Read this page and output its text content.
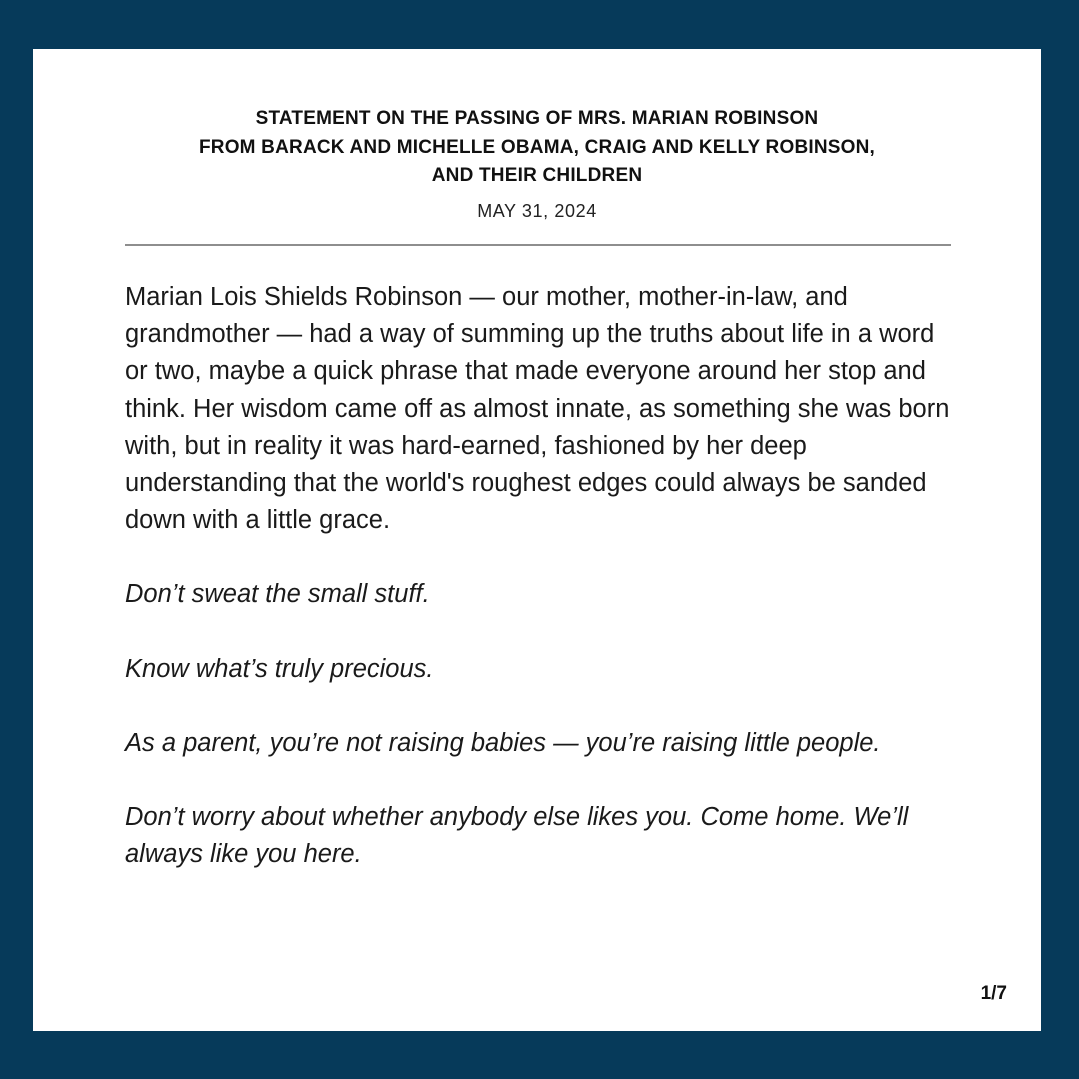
STATEMENT ON THE PASSING OF MRS. MARIAN ROBINSON
FROM BARACK AND MICHELLE OBAMA, CRAIG AND KELLY ROBINSON,
AND THEIR CHILDREN
MAY 31, 2024

Marian Lois Shields Robinson — our mother, mother-in-law, and grandmother — had a way of summing up the truths about life in a word or two, maybe a quick phrase that made everyone around her stop and think. Her wisdom came off as almost innate, as something she was born with, but in reality it was hard-earned, fashioned by her deep understanding that the world's roughest edges could always be sanded down with a little grace.

Don’t sweat the small stuff.

Know what’s truly precious.

As a parent, you’re not raising babies — you’re raising little people.

Don’t worry about whether anybody else likes you. Come home. We’ll always like you here.

1/7
